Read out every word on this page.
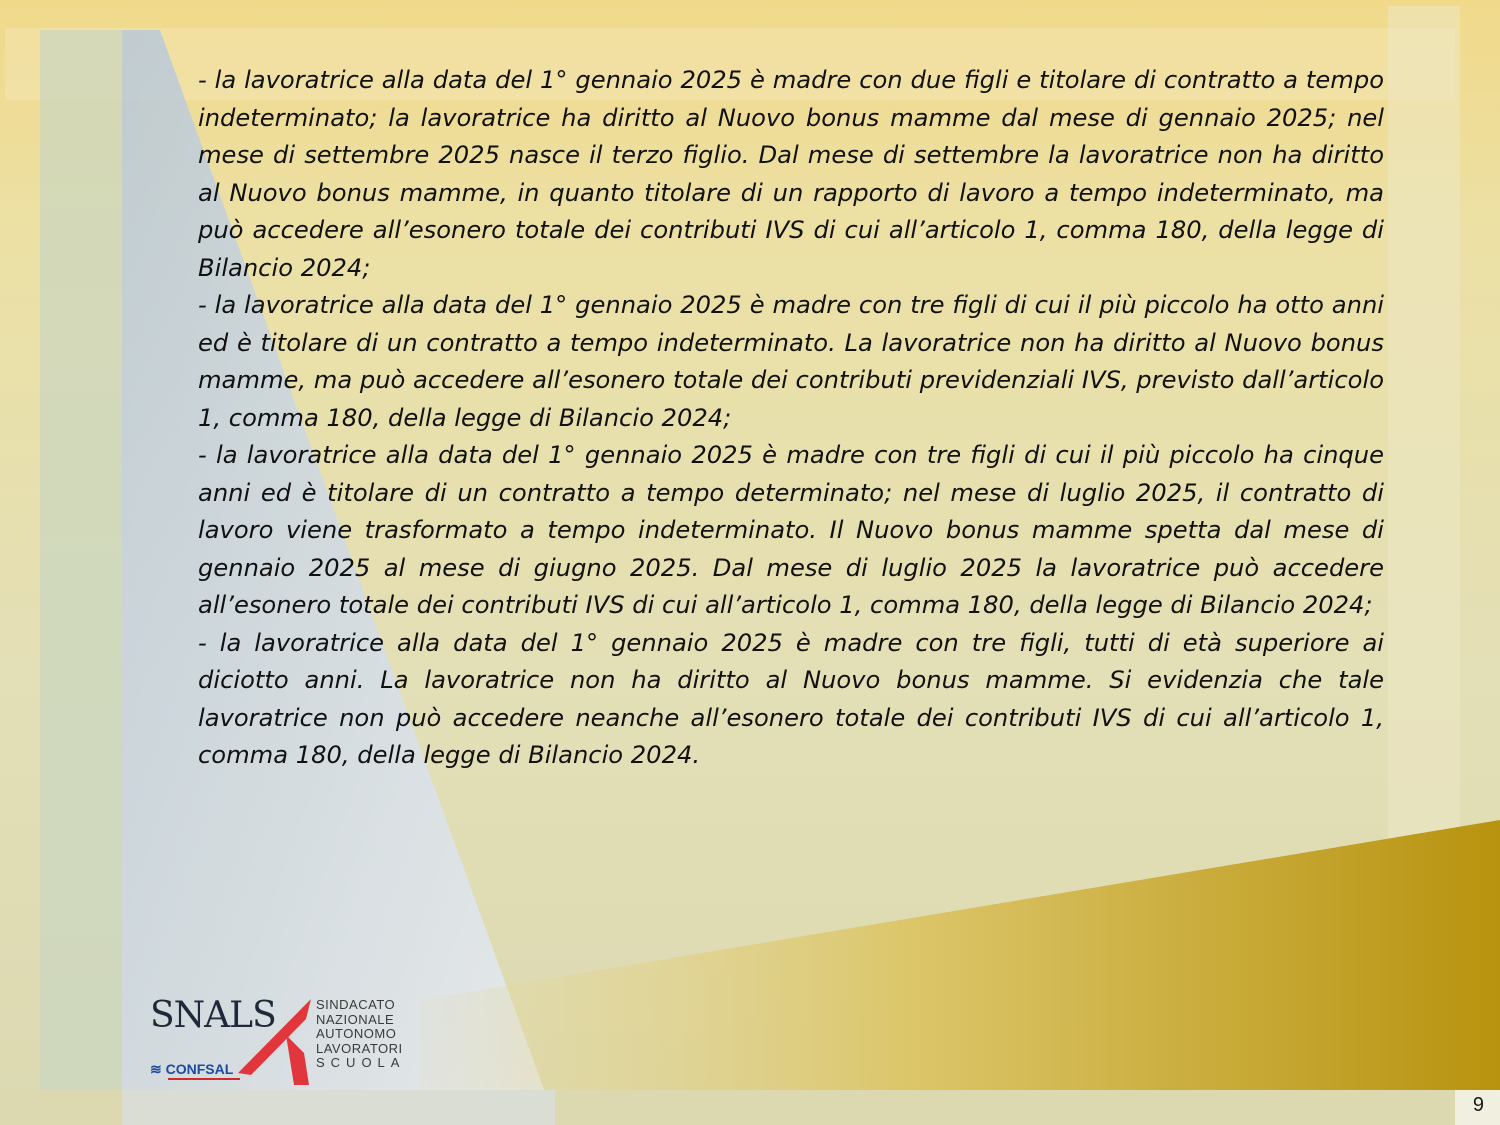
- la lavoratrice alla data del 1° gennaio 2025 è madre con due figli e titolare di contratto a tempo indeterminato; la lavoratrice ha diritto al Nuovo bonus mamme dal mese di gennaio 2025; nel mese di settembre 2025 nasce il terzo figlio. Dal mese di settembre la lavoratrice non ha diritto al Nuovo bonus mamme, in quanto titolare di un rapporto di lavoro a tempo indeterminato, ma può accedere all’esonero totale dei contributi IVS di cui all’articolo 1, comma 180, della legge di Bilancio 2024;

- la lavoratrice alla data del 1° gennaio 2025 è madre con tre figli di cui il più piccolo ha otto anni ed è titolare di un contratto a tempo indeterminato. La lavoratrice non ha diritto al Nuovo bonus mamme, ma può accedere all’esonero totale dei contributi previdenziali IVS, previsto dall’articolo 1, comma 180, della legge di Bilancio 2024;

- la lavoratrice alla data del 1° gennaio 2025 è madre con tre figli di cui il più piccolo ha cinque anni ed è titolare di un contratto a tempo determinato; nel mese di luglio 2025, il contratto di lavoro viene trasformato a tempo indeterminato. Il Nuovo bonus mamme spetta dal mese di gennaio 2025 al mese di giugno 2025. Dal mese di luglio 2025 la lavoratrice può accedere all’esonero totale dei contributi IVS di cui all’articolo 1, comma 180, della legge di Bilancio 2024;

- la lavoratrice alla data del 1° gennaio 2025 è madre con tre figli, tutti di età superiore ai diciotto anni. La lavoratrice non ha diritto al Nuovo bonus mamme. Si evidenzia che tale lavoratrice non può accedere neanche all’esonero totale dei contributi IVS di cui all’articolo 1, comma 180, della legge di Bilancio 2024.

SNALS
≋ CONFSAL
SINDACATO
NAZIONALE
AUTONOMO
LAVORATORI
SCUOLA
9
